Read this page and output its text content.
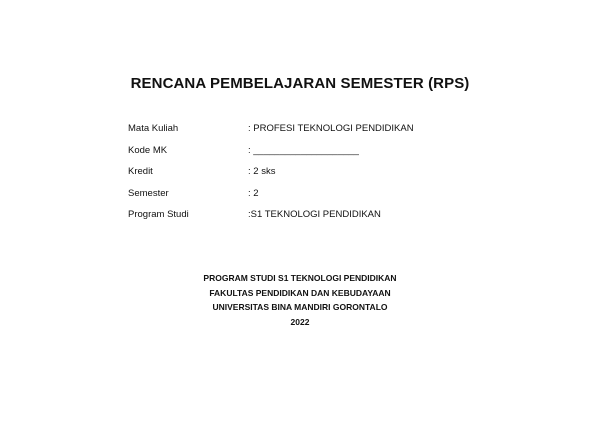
RENCANA PEMBELAJARAN SEMESTER (RPS)
Mata Kuliah	: PROFESI TEKNOLOGI PENDIDIKAN
Kode MK	: ____________________
Kredit	: 2 sks
Semester	: 2
Program Studi	:S1 TEKNOLOGI PENDIDIKAN
PROGRAM STUDI S1 TEKNOLOGI PENDIDIKAN
FAKULTAS PENDIDIKAN DAN KEBUDAYAAN
UNIVERSITAS BINA MANDIRI GORONTALO
2022
